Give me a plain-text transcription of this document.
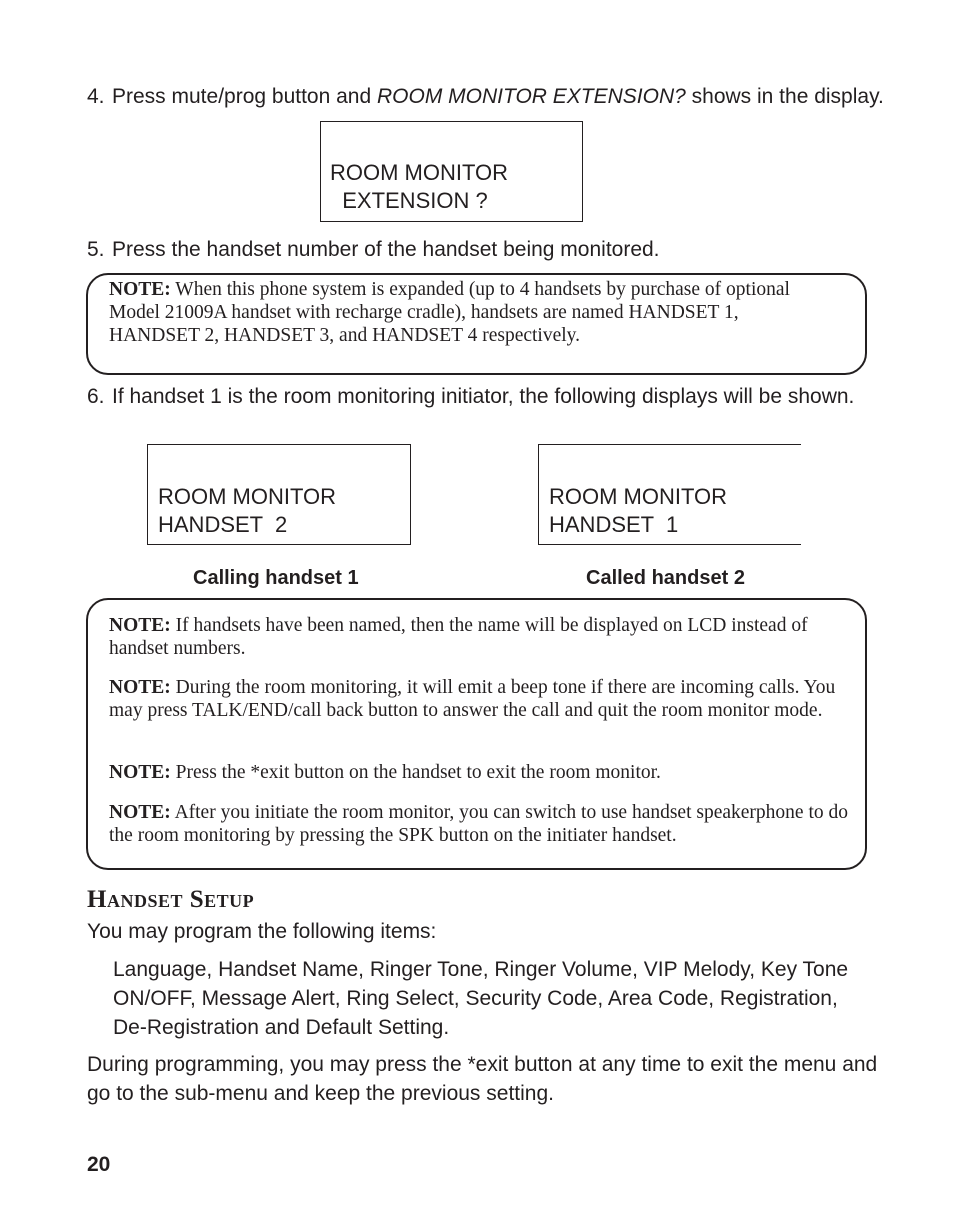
4. Press mute/prog button and ROOM MONITOR EXTENSION? shows in the display.
ROOM MONITOR
EXTENSION ?
5. Press the handset number of the handset being monitored.

NOTE: When this phone system is expanded (up to 4 handsets by purchase of optional Model 21009A handset with recharge cradle), handsets are named HANDSET 1, HANDSET 2, HANDSET 3, and HANDSET 4 respectively.

6. If handset 1 is the room monitoring initiator, the following displays will be shown.
ROOM MONITOR
HANDSET  2
Calling handset 1
ROOM MONITOR
HANDSET  1
Called handset 2

NOTE: If handsets have been named, then the name will be displayed on LCD instead of handset numbers.

NOTE: During the room monitoring, it will emit a beep tone if there are incoming calls. You may press TALK/END/call back button to answer the call and quit the room monitor mode.

NOTE: Press the *exit button on the handset to exit the room monitor.

NOTE: After you initiate the room monitor, you can switch to use handset speakerphone to do the room monitoring by pressing the SPK button on the initiater handset.

Handset Setup
You may program the following items:
Language, Handset Name, Ringer Tone, Ringer Volume, VIP Melody, Key Tone ON/OFF, Message Alert, Ring Select, Security Code, Area Code, Registration, De-Registration and Default Setting.
During programming, you may press the *exit button at any time to exit the menu and go to the sub-menu and keep the previous setting.
20
